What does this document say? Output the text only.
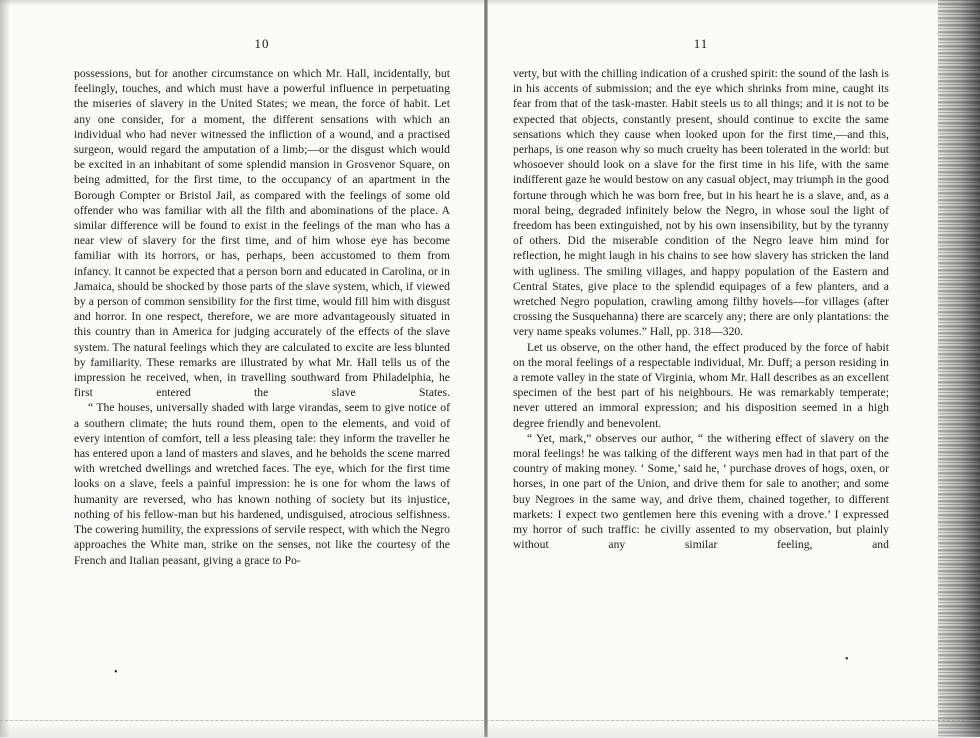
10

possessions, but for another circumstance on which Mr. Hall, incidentally, but feelingly, touches, and which must have a powerful influence in perpetuating the miseries of slavery in the United States; we mean, the force of habit. Let any one consider, for a moment, the different sensations with which an individual who had never witnessed the infliction of a wound, and a practised surgeon, would regard the amputation of a limb;—or the disgust which would be excited in an inhabitant of some splendid mansion in Grosvenor Square, on being admitted, for the first time, to the occupancy of an apartment in the Borough Compter or Bristol Jail, as compared with the feelings of some old offender who was familiar with all the filth and abominations of the place. A similar difference will be found to exist in the feelings of the man who has a near view of slavery for the first time, and of him whose eye has become familiar with its horrors, or has, perhaps, been accustomed to them from infancy. It cannot be expected that a person born and educated in Carolina, or in Jamaica, should be shocked by those parts of the slave system, which, if viewed by a person of common sensibility for the first time, would fill him with disgust and horror. In one respect, therefore, we are more advantageously situated in this country than in America for judging accurately of the effects of the slave system. The natural feelings which they are calculated to excite are less blunted by familiarity. These remarks are illustrated by what Mr. Hall tells us of the impression he received, when, in travelling southward from Philadelphia, he first entered the slave States.

“ The houses, universally shaded with large virandas, seem to give notice of a southern climate; the huts round them, open to the elements, and void of every intention of comfort, tell a less pleasing tale: they inform the traveller he has entered upon a land of masters and slaves, and he beholds the scene marred with wretched dwellings and wretched faces. The eye, which for the first time looks on a slave, feels a painful impression: he is one for whom the laws of humanity are reversed, who has known nothing of society but its injustice, nothing of his fellow-man but his hardened, undisguised, atrocious selfishness. The cowering humility, the expressions of servile respect, with which the Negro approaches the White man, strike on the senses, not like the courtesy of the French and Italian peasant, giving a grace to Po-

11

verty, but with the chilling indication of a crushed spirit: the sound of the lash is in his accents of submission; and the eye which shrinks from mine, caught its fear from that of the task-master. Habit steels us to all things; and it is not to be expected that objects, constantly present, should continue to excite the same sensations which they cause when looked upon for the first time,—and this, perhaps, is one reason why so much cruelty has been tolerated in the world: but whosoever should look on a slave for the first time in his life, with the same indifferent gaze he would bestow on any casual object, may triumph in the good fortune through which he was born free, but in his heart he is a slave, and, as a moral being, degraded infinitely below the Negro, in whose soul the light of freedom has been extinguished, not by his own insensibility, but by the tyranny of others. Did the miserable condition of the Negro leave him mind for reflection, he might laugh in his chains to see how slavery has stricken the land with ugliness. The smiling villages, and happy population of the Eastern and Central States, give place to the splendid equipages of a few planters, and a wretched Negro population, crawling among filthy hovels—for villages (after crossing the Susquehanna) there are scarcely any; there are only plantations: the very name speaks volumes.” Hall, pp. 318—320.

Let us observe, on the other hand, the effect produced by the force of habit on the moral feelings of a respectable individual, Mr. Duff; a person residing in a remote valley in the state of Virginia, whom Mr. Hall describes as an excellent specimen of the best part of his neighbours. He was remarkably temperate; never uttered an immoral expression; and his disposition seemed in a high degree friendly and benevolent.

“ Yet, mark,” observes our author, “ the withering effect of slavery on the moral feelings! he was talking of the different ways men had in that part of the country of making money. ‘ Some,’ said he, ‘ purchase droves of hogs, oxen, or horses, in one part of the Union, and drive them for sale to another; and some buy Negroes in the same way, and drive them, chained together, to different markets: I expect two gentlemen here this evening with a drove.’ I expressed my horror of such traffic: he civilly assented to my observation, but plainly without any similar feeling, and

•
•
